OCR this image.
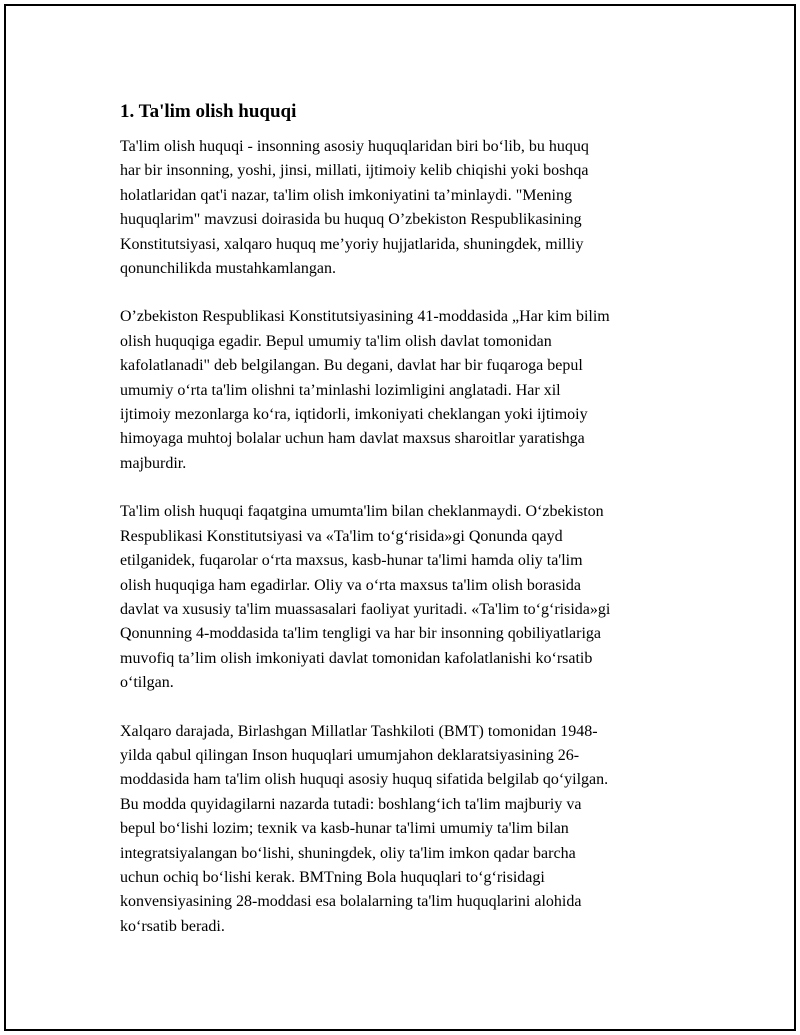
1. Ta'lim olish huquqi

Ta'lim olish huquqi - insonning asosiy huquqlaridan biri bo‘lib, bu huquq
har bir insonning, yoshi, jinsi, millati, ijtimoiy kelib chiqishi yoki boshqa
holatlaridan qat'i nazar, ta'lim olish imkoniyatini ta’minlaydi. "Mening
huquqlarim" mavzusi doirasida bu huquq O’zbekiston Respublikasining
Konstitutsiyasi, xalqaro huquq me’yoriy hujjatlarida, shuningdek, milliy
qonunchilikda mustahkamlangan.

O’zbekiston Respublikasi Konstitutsiyasining 41-moddasida „Har kim bilim
olish huquqiga egadir. Bepul umumiy ta'lim olish davlat tomonidan
kafolatlanadi" deb belgilangan. Bu degani, davlat har bir fuqaroga bepul
umumiy o‘rta ta'lim olishni ta’minlashi lozimligini anglatadi. Har xil
ijtimoiy mezonlarga ko‘ra, iqtidorli, imkoniyati cheklangan yoki ijtimoiy
himoyaga muhtoj bolalar uchun ham davlat maxsus sharoitlar yaratishga
majburdir.

Ta'lim olish huquqi faqatgina umumta'lim bilan cheklanmaydi. O‘zbekiston
Respublikasi Konstitutsiyasi va «Ta'lim to‘g‘risida»gi Qonunda qayd
etilganidek, fuqarolar o‘rta maxsus, kasb-hunar ta'limi hamda oliy ta'lim
olish huquqiga ham egadirlar. Oliy va o‘rta maxsus ta'lim olish borasida
davlat va xususiy ta'lim muassasalari faoliyat yuritadi. «Ta'lim to‘g‘risida»gi
Qonunning 4-moddasida ta'lim tengligi va har bir insonning qobiliyatlariga
muvofiq ta’lim olish imkoniyati davlat tomonidan kafolatlanishi ko‘rsatib
o‘tilgan.

Xalqaro darajada, Birlashgan Millatlar Tashkiloti (BMT) tomonidan 1948-
yilda qabul qilingan Inson huquqlari umumjahon deklaratsiyasining 26-
moddasida ham ta'lim olish huquqi asosiy huquq sifatida belgilab qo‘yilgan.
Bu modda quyidagilarni nazarda tutadi: boshlang‘ich ta'lim majburiy va
bepul bo‘lishi lozim; texnik va kasb-hunar ta'limi umumiy ta'lim bilan
integratsiyalangan bo‘lishi, shuningdek, oliy ta'lim imkon qadar barcha
uchun ochiq bo‘lishi kerak. BMTning Bola huquqlari to‘g‘risidagi
konvensiyasining 28-moddasi esa bolalarning ta'lim huquqlarini alohida
ko‘rsatib beradi.
